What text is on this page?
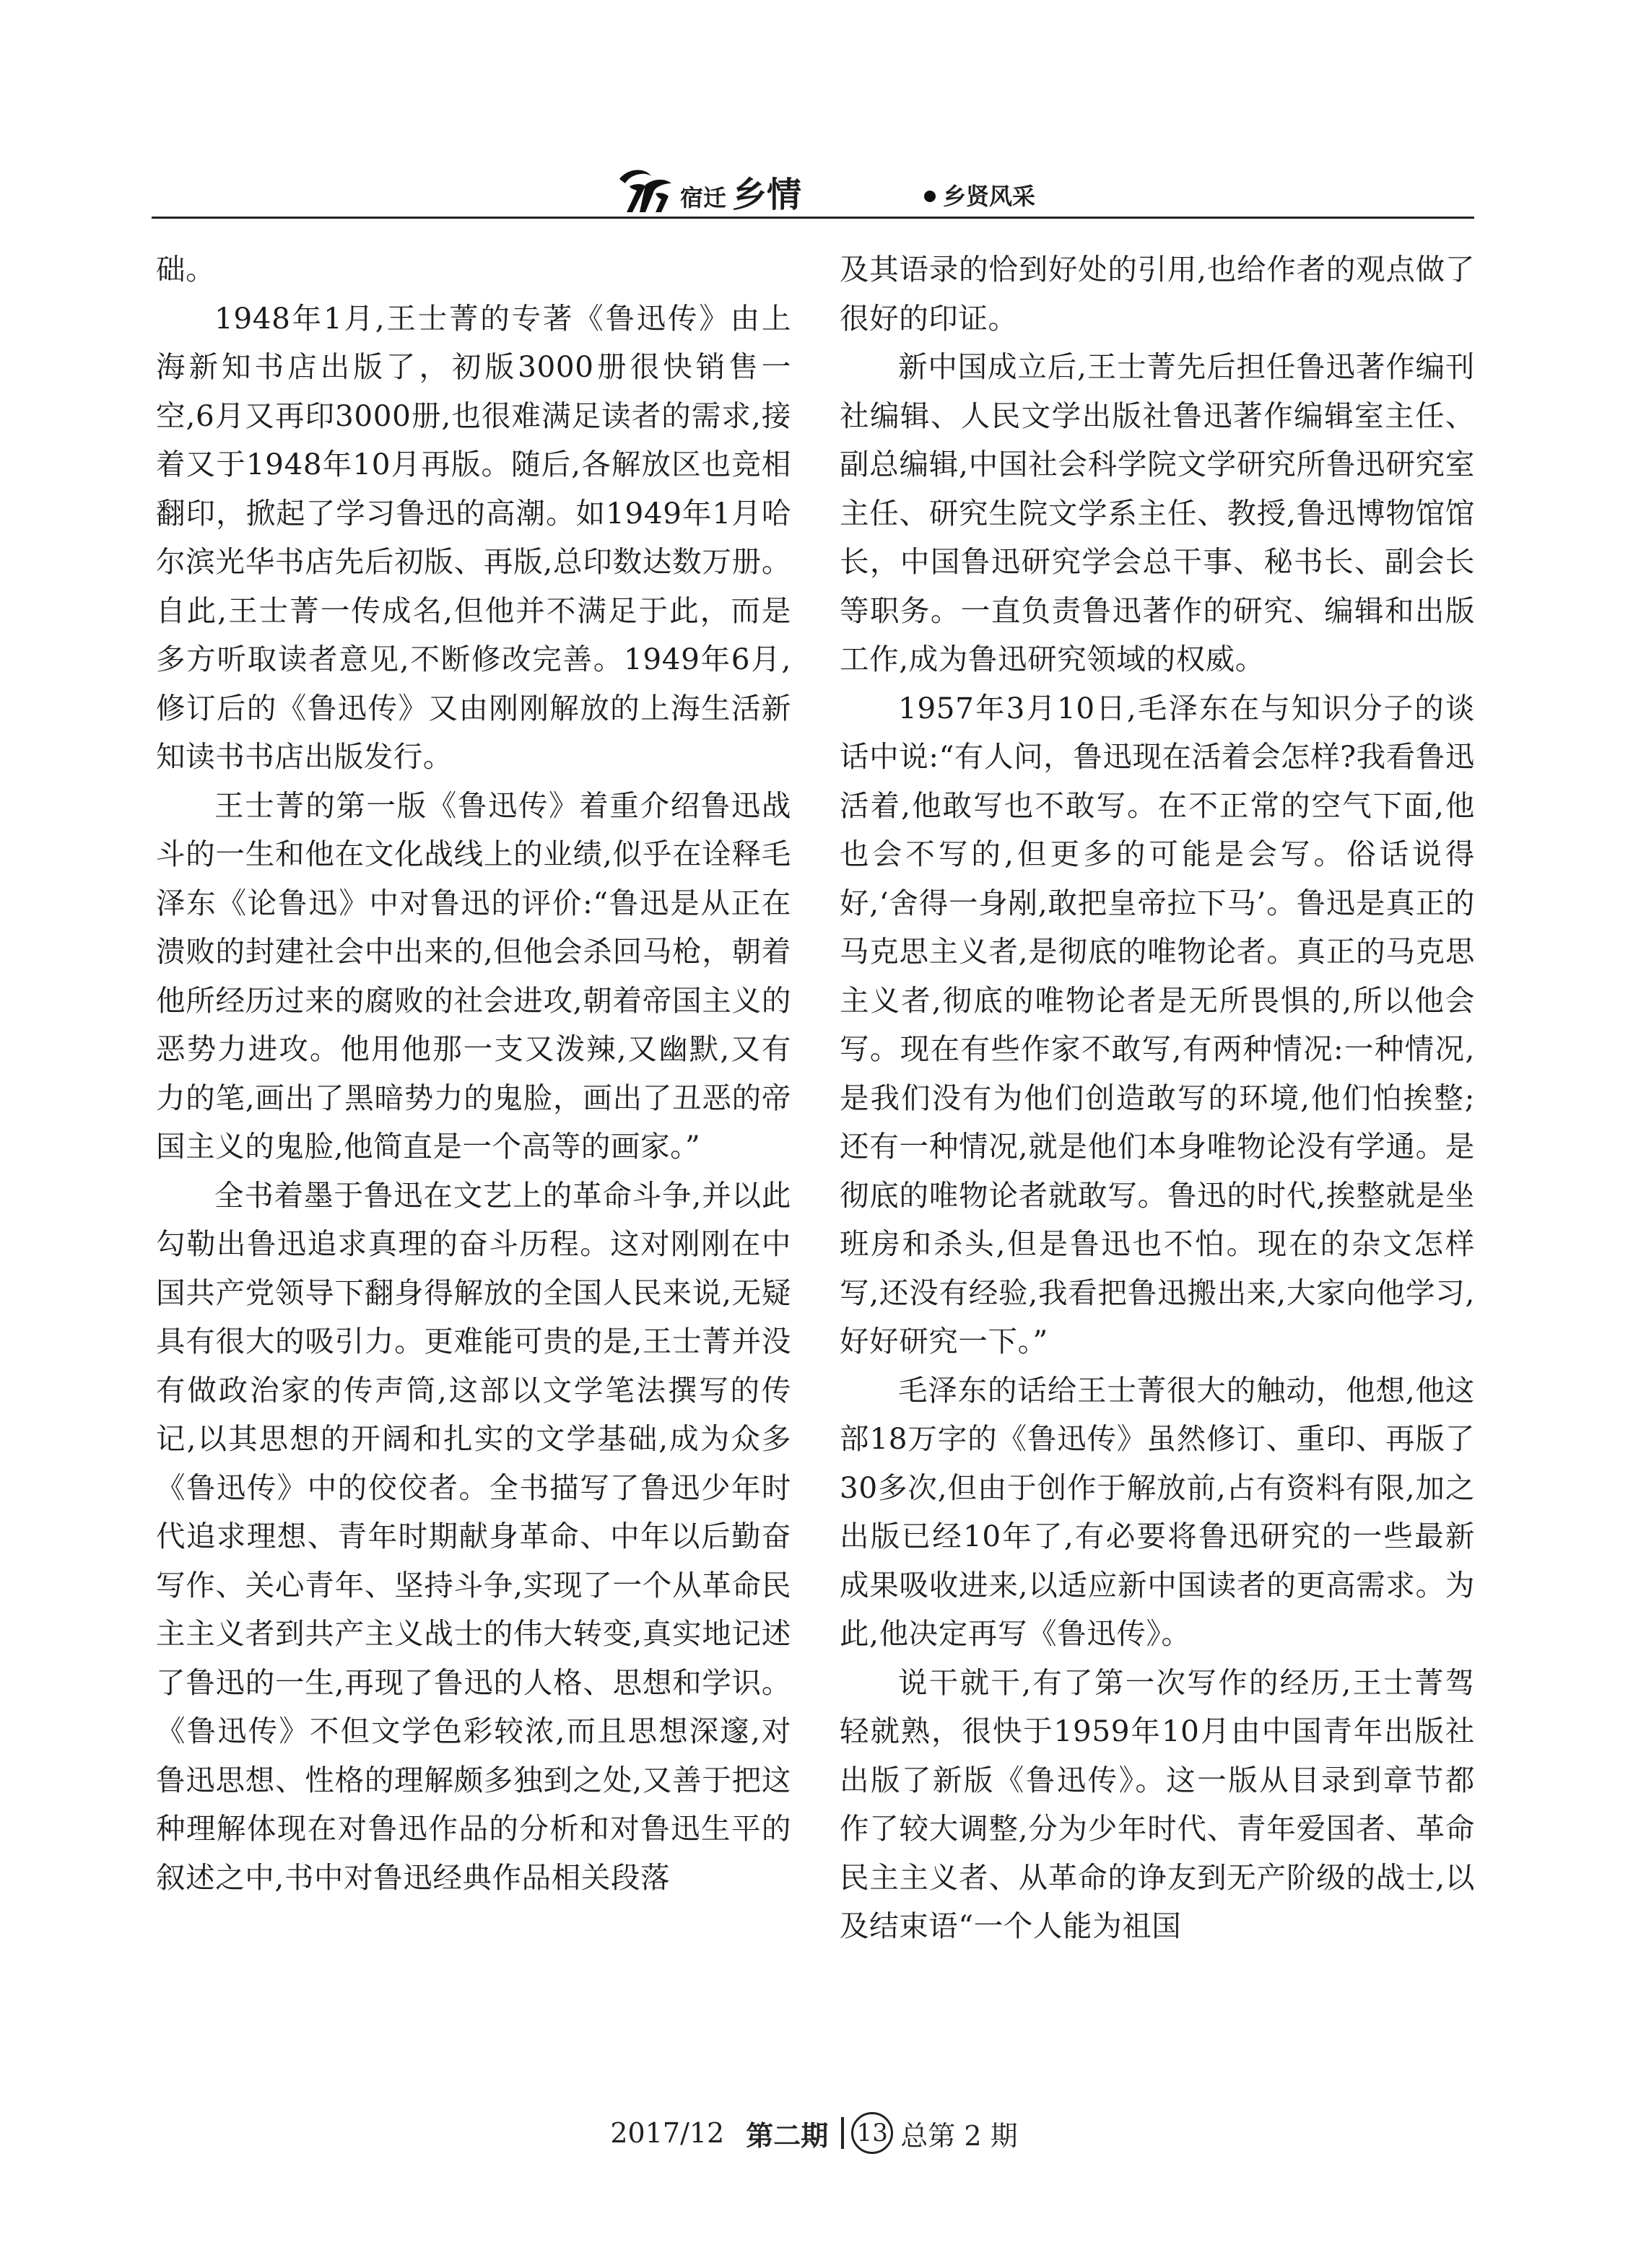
宿迁 乡情	乡贤风采

础。

1948年1月,王士菁的专著《鲁迅传》由上海新知书店出版了，初版3000册很快销售一空,6月又再印3000册,也很难满足读者的需求,接着又于1948年10月再版。随后,各解放区也竞相翻印，掀起了学习鲁迅的高潮。如1949年1月哈尔滨光华书店先后初版、再版,总印数达数万册。自此,王士菁一传成名,但他并不满足于此，而是多方听取读者意见,不断修改完善。1949年6月,修订后的《鲁迅传》又由刚刚解放的上海生活新知读书书店出版发行。

王士菁的第一版《鲁迅传》着重介绍鲁迅战斗的一生和他在文化战线上的业绩,似乎在诠释毛泽东《论鲁迅》中对鲁迅的评价:“鲁迅是从正在溃败的封建社会中出来的,但他会杀回马枪，朝着他所经历过来的腐败的社会进攻,朝着帝国主义的恶势力进攻。他用他那一支又泼辣,又幽默,又有力的笔,画出了黑暗势力的鬼脸，画出了丑恶的帝国主义的鬼脸,他简直是一个高等的画家。”

全书着墨于鲁迅在文艺上的革命斗争,并以此勾勒出鲁迅追求真理的奋斗历程。这对刚刚在中国共产党领导下翻身得解放的全国人民来说,无疑具有很大的吸引力。更难能可贵的是,王士菁并没有做政治家的传声筒,这部以文学笔法撰写的传记,以其思想的开阔和扎实的文学基础,成为众多《鲁迅传》中的佼佼者。全书描写了鲁迅少年时代追求理想、青年时期献身革命、中年以后勤奋写作、关心青年、坚持斗争,实现了一个从革命民主主义者到共产主义战士的伟大转变,真实地记述了鲁迅的一生,再现了鲁迅的人格、思想和学识。《鲁迅传》不但文学色彩较浓,而且思想深邃,对鲁迅思想、性格的理解颇多独到之处,又善于把这种理解体现在对鲁迅作品的分析和对鲁迅生平的叙述之中,书中对鲁迅经典作品相关段落

及其语录的恰到好处的引用,也给作者的观点做了很好的印证。

新中国成立后,王士菁先后担任鲁迅著作编刊社编辑、人民文学出版社鲁迅著作编辑室主任、副总编辑,中国社会科学院文学研究所鲁迅研究室主任、研究生院文学系主任、教授,鲁迅博物馆馆长，中国鲁迅研究学会总干事、秘书长、副会长等职务。一直负责鲁迅著作的研究、编辑和出版工作,成为鲁迅研究领域的权威。

1957年3月10日,毛泽东在与知识分子的谈话中说:“有人问，鲁迅现在活着会怎样?我看鲁迅活着,他敢写也不敢写。在不正常的空气下面,他也会不写的,但更多的可能是会写。俗话说得好,‘舍得一身剐,敢把皇帝拉下马’。鲁迅是真正的马克思主义者,是彻底的唯物论者。真正的马克思主义者,彻底的唯物论者是无所畏惧的,所以他会写。现在有些作家不敢写,有两种情况:一种情况,是我们没有为他们创造敢写的环境,他们怕挨整;还有一种情况,就是他们本身唯物论没有学通。是彻底的唯物论者就敢写。鲁迅的时代,挨整就是坐班房和杀头,但是鲁迅也不怕。现在的杂文怎样写,还没有经验,我看把鲁迅搬出来,大家向他学习,好好研究一下。”

毛泽东的话给王士菁很大的触动，他想,他这部18万字的《鲁迅传》虽然修订、重印、再版了30多次,但由于创作于解放前,占有资料有限,加之出版已经10年了,有必要将鲁迅研究的一些最新成果吸收进来,以适应新中国读者的更高需求。为此,他决定再写《鲁迅传》。

说干就干,有了第一次写作的经历,王士菁驾轻就熟，很快于1959年10月由中国青年出版社出版了新版《鲁迅传》。这一版从目录到章节都作了较大调整,分为少年时代、青年爱国者、革命民主主义者、从革命的诤友到无产阶级的战士,以及结束语“一个人能为祖国

2017/12 第二期 13 总第 2 期
